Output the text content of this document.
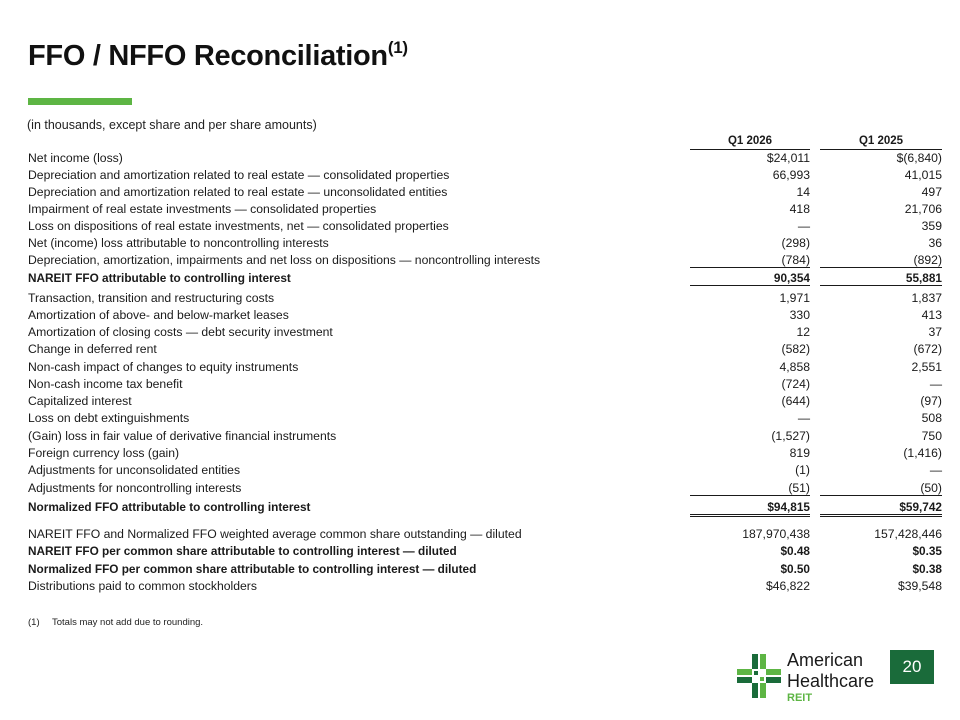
FFO / NFFO Reconciliation$^{(1)}$
(in thousands, except share and per share amounts)
Q1 2026	Q1 2025
Net income (loss)	$24,011	$(6,840)
Depreciation and amortization related to real estate — consolidated properties	66,993	41,015
Depreciation and amortization related to real estate — unconsolidated entities	14	497
Impairment of real estate investments — consolidated properties	418	21,706
Loss on dispositions of real estate investments, net — consolidated properties	—	359
Net (income) loss attributable to noncontrolling interests	(298)	36
Depreciation, amortization, impairments and net loss on dispositions — noncontrolling interests	(784)	(892)
NAREIT FFO attributable to controlling interest	90,354	55,881
Transaction, transition and restructuring costs	1,971	1,837
Amortization of above- and below-market leases	330	413
Amortization of closing costs — debt security investment	12	37
Change in deferred rent	(582)	(672)
Non-cash impact of changes to equity instruments	4,858	2,551
Non-cash income tax benefit	(724)	—
Capitalized interest	(644)	(97)
Loss on debt extinguishments	—	508
(Gain) loss in fair value of derivative financial instruments	(1,527)	750
Foreign currency loss (gain)	819	(1,416)
Adjustments for unconsolidated entities	(1)	—
Adjustments for noncontrolling interests	(51)	(50)
Normalized FFO attributable to controlling interest	$94,815	$59,742
NAREIT FFO and Normalized FFO weighted average common share outstanding — diluted	187,970,438	157,428,446
NAREIT FFO per common share attributable to controlling interest — diluted	$0.48	$0.35
Normalized FFO per common share attributable to controlling interest — diluted	$0.50	$0.38
Distributions paid to common stockholders	$46,822	$39,548
(1) Totals may not add due to rounding.
American
Healthcare
REIT
20
